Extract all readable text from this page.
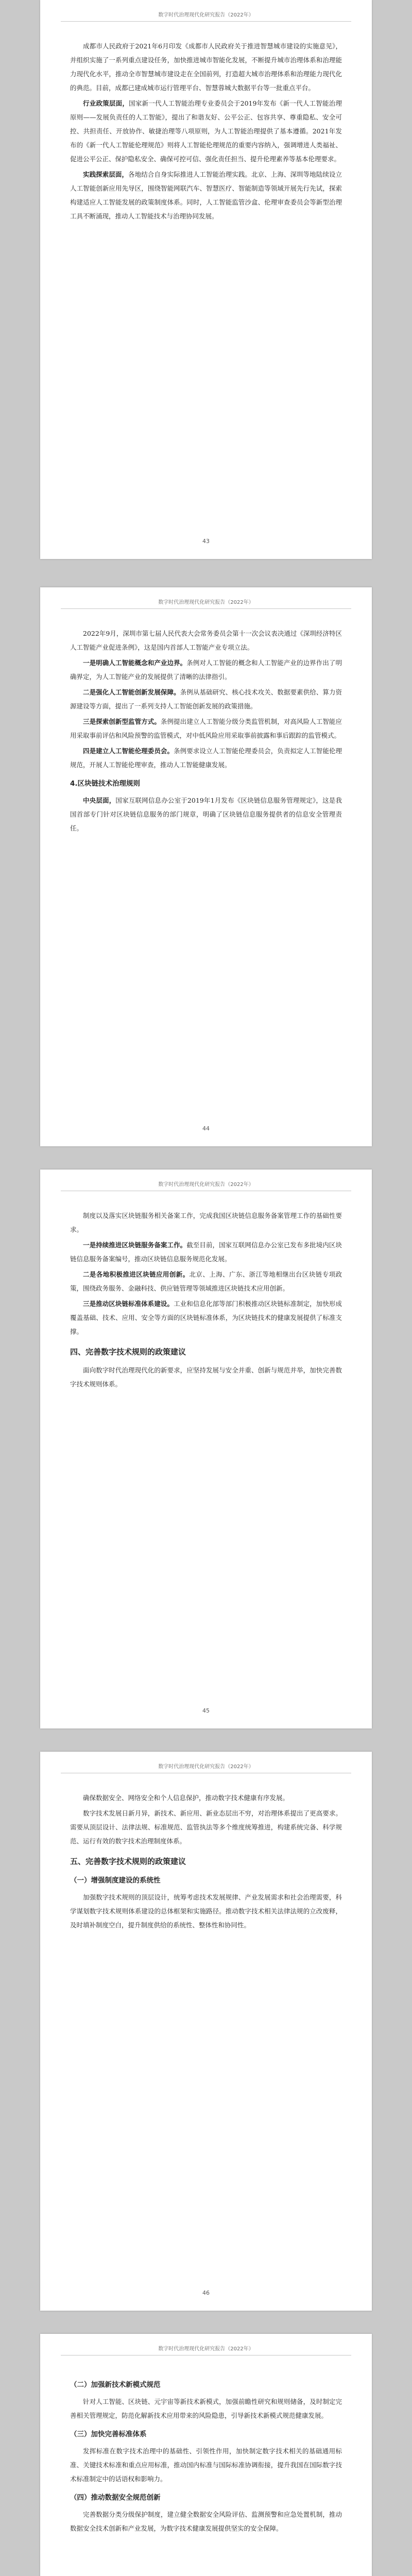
数字时代治理现代化研究报告（2022年）

成都市人民政府于2021年6月印发《成都市人民政府关于推进智慧城市建设的实施意见》，并组织实施了一系列重点建设任务，加快推进城市智能化发展，不断提升城市治理体系和治理能力现代化水平，推动全市智慧城市建设走在全国前列，打造超大城市治理体系和治理能力现代化的典范。目前，成都已建成城市运行管理平台、智慧蓉城大数据平台等一批重点平台。

行业政策层面，国家新一代人工智能治理专业委员会于2019年发布《新一代人工智能治理原则——发展负责任的人工智能》，提出了和谐友好、公平公正、包容共享、尊重隐私、安全可控、共担责任、开放协作、敏捷治理等八项原则，为人工智能治理提供了基本遵循。2021年发布的《新一代人工智能伦理规范》则将人工智能伦理规范的重要内容纳入，强调增进人类福祉、促进公平公正、保护隐私安全、确保可控可信、强化责任担当、提升伦理素养等基本伦理要求。

实践探索层面，各地结合自身实际推进人工智能治理实践。北京、上海、深圳等地陆续设立人工智能创新应用先导区，围绕智能网联汽车、智慧医疗、智能制造等领域开展先行先试，探索构建适应人工智能发展的政策制度体系。同时，人工智能监管沙盒、伦理审查委员会等新型治理工具不断涌现，推动人工智能技术与治理协同发展。

43
数字时代治理现代化研究报告（2022年）

2022年9月，深圳市第七届人民代表大会常务委员会第十一次会议表决通过《深圳经济特区人工智能产业促进条例》，这是国内首部人工智能产业专项立法。

一是明确人工智能概念和产业边界。条例对人工智能的概念和人工智能产业的边界作出了明确界定，为人工智能产业的发展提供了清晰的法律指引。

二是强化人工智能创新发展保障。条例从基础研究、核心技术攻关、数据要素供给、算力资源建设等方面，提出了一系列支持人工智能创新发展的政策措施。

三是探索创新型监管方式。条例提出建立人工智能分级分类监管机制，对高风险人工智能应用采取事前评估和风险预警的监管模式，对中低风险应用采取事前披露和事后跟踪的监管模式。

四是建立人工智能伦理委员会。条例要求设立人工智能伦理委员会，负责拟定人工智能伦理规范，开展人工智能伦理审查，推动人工智能健康发展。

4.区块链技术治理规则

中央层面，国家互联网信息办公室于2019年1月发布《区块链信息服务管理规定》，这是我国首部专门针对区块链信息服务的部门规章，明确了区块链信息服务提供者的信息安全管理责任。

44
数字时代治理现代化研究报告（2022年）

制度以及落实区块链服务相关备案工作，完成我国区块链信息服务备案管理工作的基础性要求。

一是持续推进区块链服务备案工作。截至目前，国家互联网信息办公室已发布多批境内区块链信息服务备案编号，推动区块链信息服务规范化发展。

二是各地积极推进区块链应用创新。北京、上海、广东、浙江等地相继出台区块链专项政策，围绕政务服务、金融科技、供应链管理等领域推进区块链技术应用创新。

三是推动区块链标准体系建设。工业和信息化部等部门积极推动区块链标准制定，加快形成覆盖基础、技术、应用、安全等方面的区块链标准体系，为区块链技术的健康发展提供了标准支撑。

四、完善数字技术规则的政策建议

面向数字时代治理现代化的新要求，应坚持发展与安全并重、创新与规范并举，加快完善数字技术规则体系。

45
数字时代治理现代化研究报告（2022年）

确保数据安全、网络安全和个人信息保护，推动数字技术健康有序发展。

数字技术发展日新月异，新技术、新应用、新业态层出不穷，对治理体系提出了更高要求。需要从顶层设计、法律法规、标准规范、监管执法等多个维度统筹推进，构建系统完备、科学规范、运行有效的数字技术治理制度体系。

五、完善数字技术规则的政策建议
（一）增强制度建设的系统性

加强数字技术规则的顶层设计，统筹考虑技术发展规律、产业发展需求和社会治理需要，科学谋划数字技术规则体系建设的总体框架和实施路径。推动数字技术相关法律法规的立改废释，及时填补制度空白，提升制度供给的系统性、整体性和协同性。

46
数字时代治理现代化研究报告（2022年）
（二）加强新技术新模式规范

针对人工智能、区块链、元宇宙等新技术新模式，加强前瞻性研究和规则储备，及时制定完善相关管理规定，防范化解新技术应用带来的风险隐患，引导新技术新模式规范健康发展。

（三）加快完善标准体系

发挥标准在数字技术治理中的基础性、引领性作用，加快制定数字技术相关的基础通用标准、关键技术标准和重点应用标准，推动国内标准与国际标准协调衔接，提升我国在国际数字技术标准制定中的话语权和影响力。

（四）推动数据安全规范创新

完善数据分类分级保护制度，建立健全数据安全风险评估、监测预警和应急处置机制，推动数据安全技术创新和产业发展，为数字技术健康发展提供坚实的安全保障。
